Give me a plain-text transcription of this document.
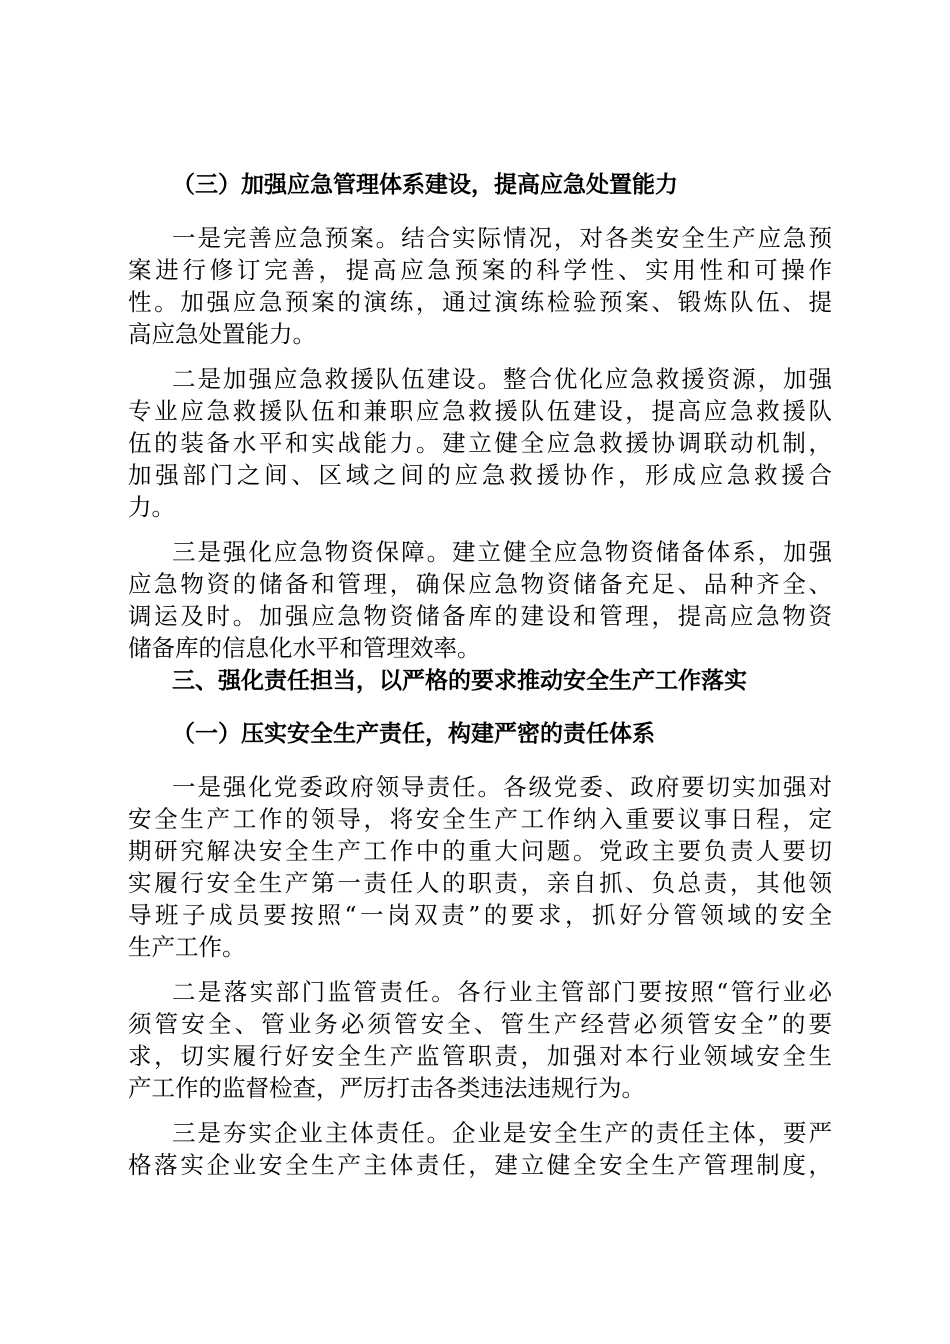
（三）加强应急管理体系建设，提高应急处置能力
一是完善应急预案。结合实际情况，对各类安全生产应急预
案进行修订完善，提高应急预案的科学性、实用性和可操作
性。加强应急预案的演练，通过演练检验预案、锻炼队伍、提
高应急处置能力。
二是加强应急救援队伍建设。整合优化应急救援资源，加强
专业应急救援队伍和兼职应急救援队伍建设，提高应急救援队
伍的装备水平和实战能力。建立健全应急救援协调联动机制，
加强部门之间、区域之间的应急救援协作，形成应急救援合
力。
三是强化应急物资保障。建立健全应急物资储备体系，加强
应急物资的储备和管理，确保应急物资储备充足、品种齐全、
调运及时。加强应急物资储备库的建设和管理，提高应急物资
储备库的信息化水平和管理效率。
三、强化责任担当，以严格的要求推动安全生产工作落实
（一）压实安全生产责任，构建严密的责任体系
一是强化党委政府领导责任。各级党委、政府要切实加强对
安全生产工作的领导，将安全生产工作纳入重要议事日程，定
期研究解决安全生产工作中的重大问题。党政主要负责人要切
实履行安全生产第一责任人的职责，亲自抓、负总责，其他领
导班子成员要按照“一岗双责”的要求，抓好分管领域的安全
生产工作。
二是落实部门监管责任。各行业主管部门要按照“管行业必
须管安全、管业务必须管安全、管生产经营必须管安全”的要
求，切实履行好安全生产监管职责，加强对本行业领域安全生
产工作的监督检查，严厉打击各类违法违规行为。
三是夯实企业主体责任。企业是安全生产的责任主体，要严
格落实企业安全生产主体责任，建立健全安全生产管理制度，
